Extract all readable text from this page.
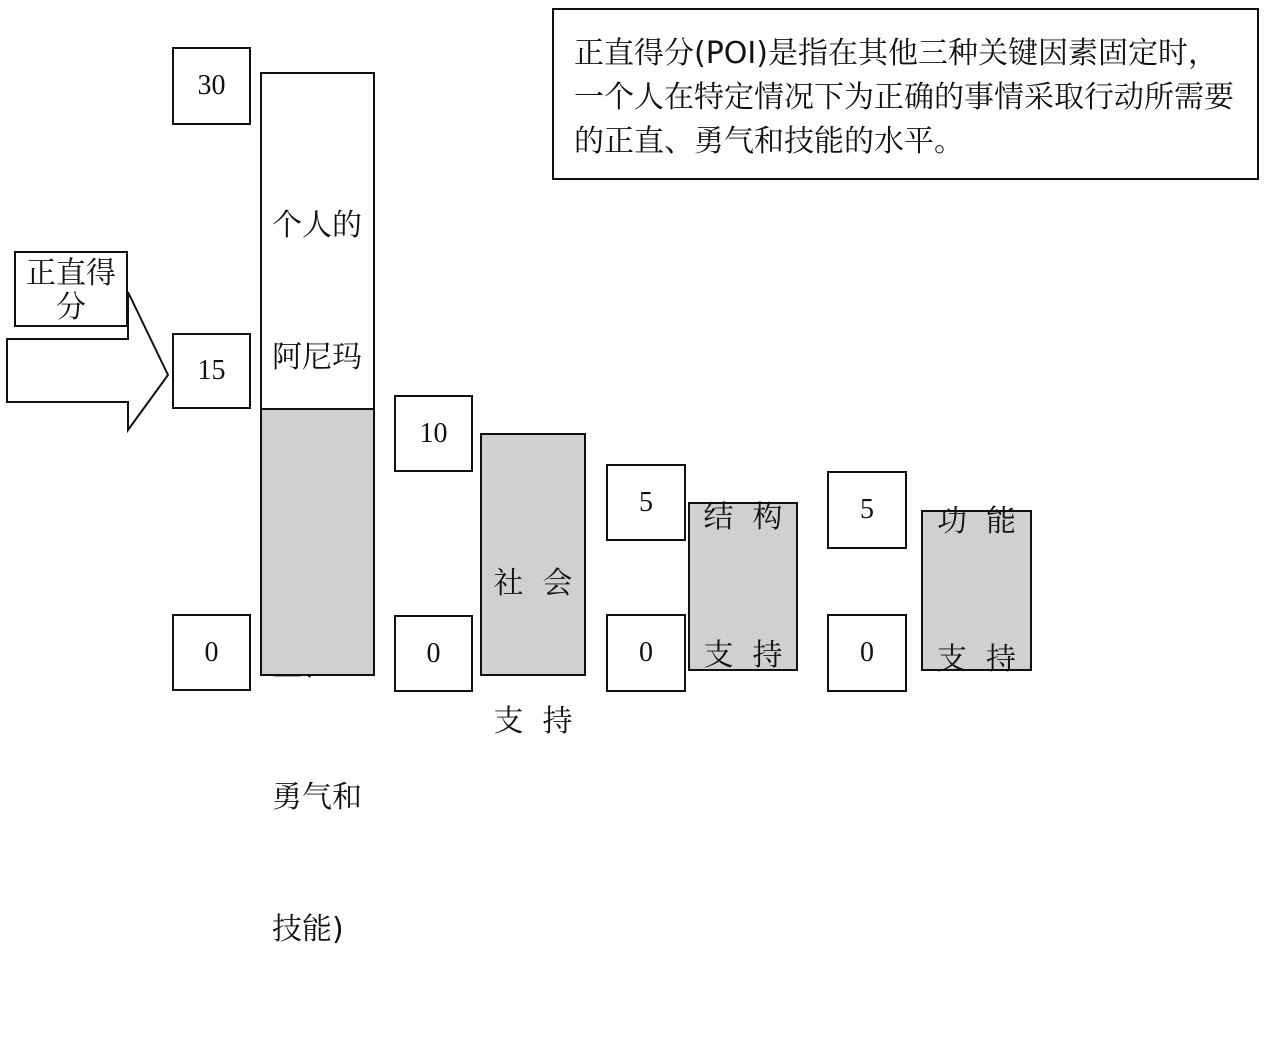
正直得分(POI)是指在其他三种关键因素固定时，一个人在特定情况下为正确的事情采取行动所需要的正直、勇气和技能的水平。
正直得分
30
15
0

个人的

阿尼玛

勇气和

技能)

10
0

社  会

支  持

5
0

结  构

支  持

5
0

功  能

支  持
